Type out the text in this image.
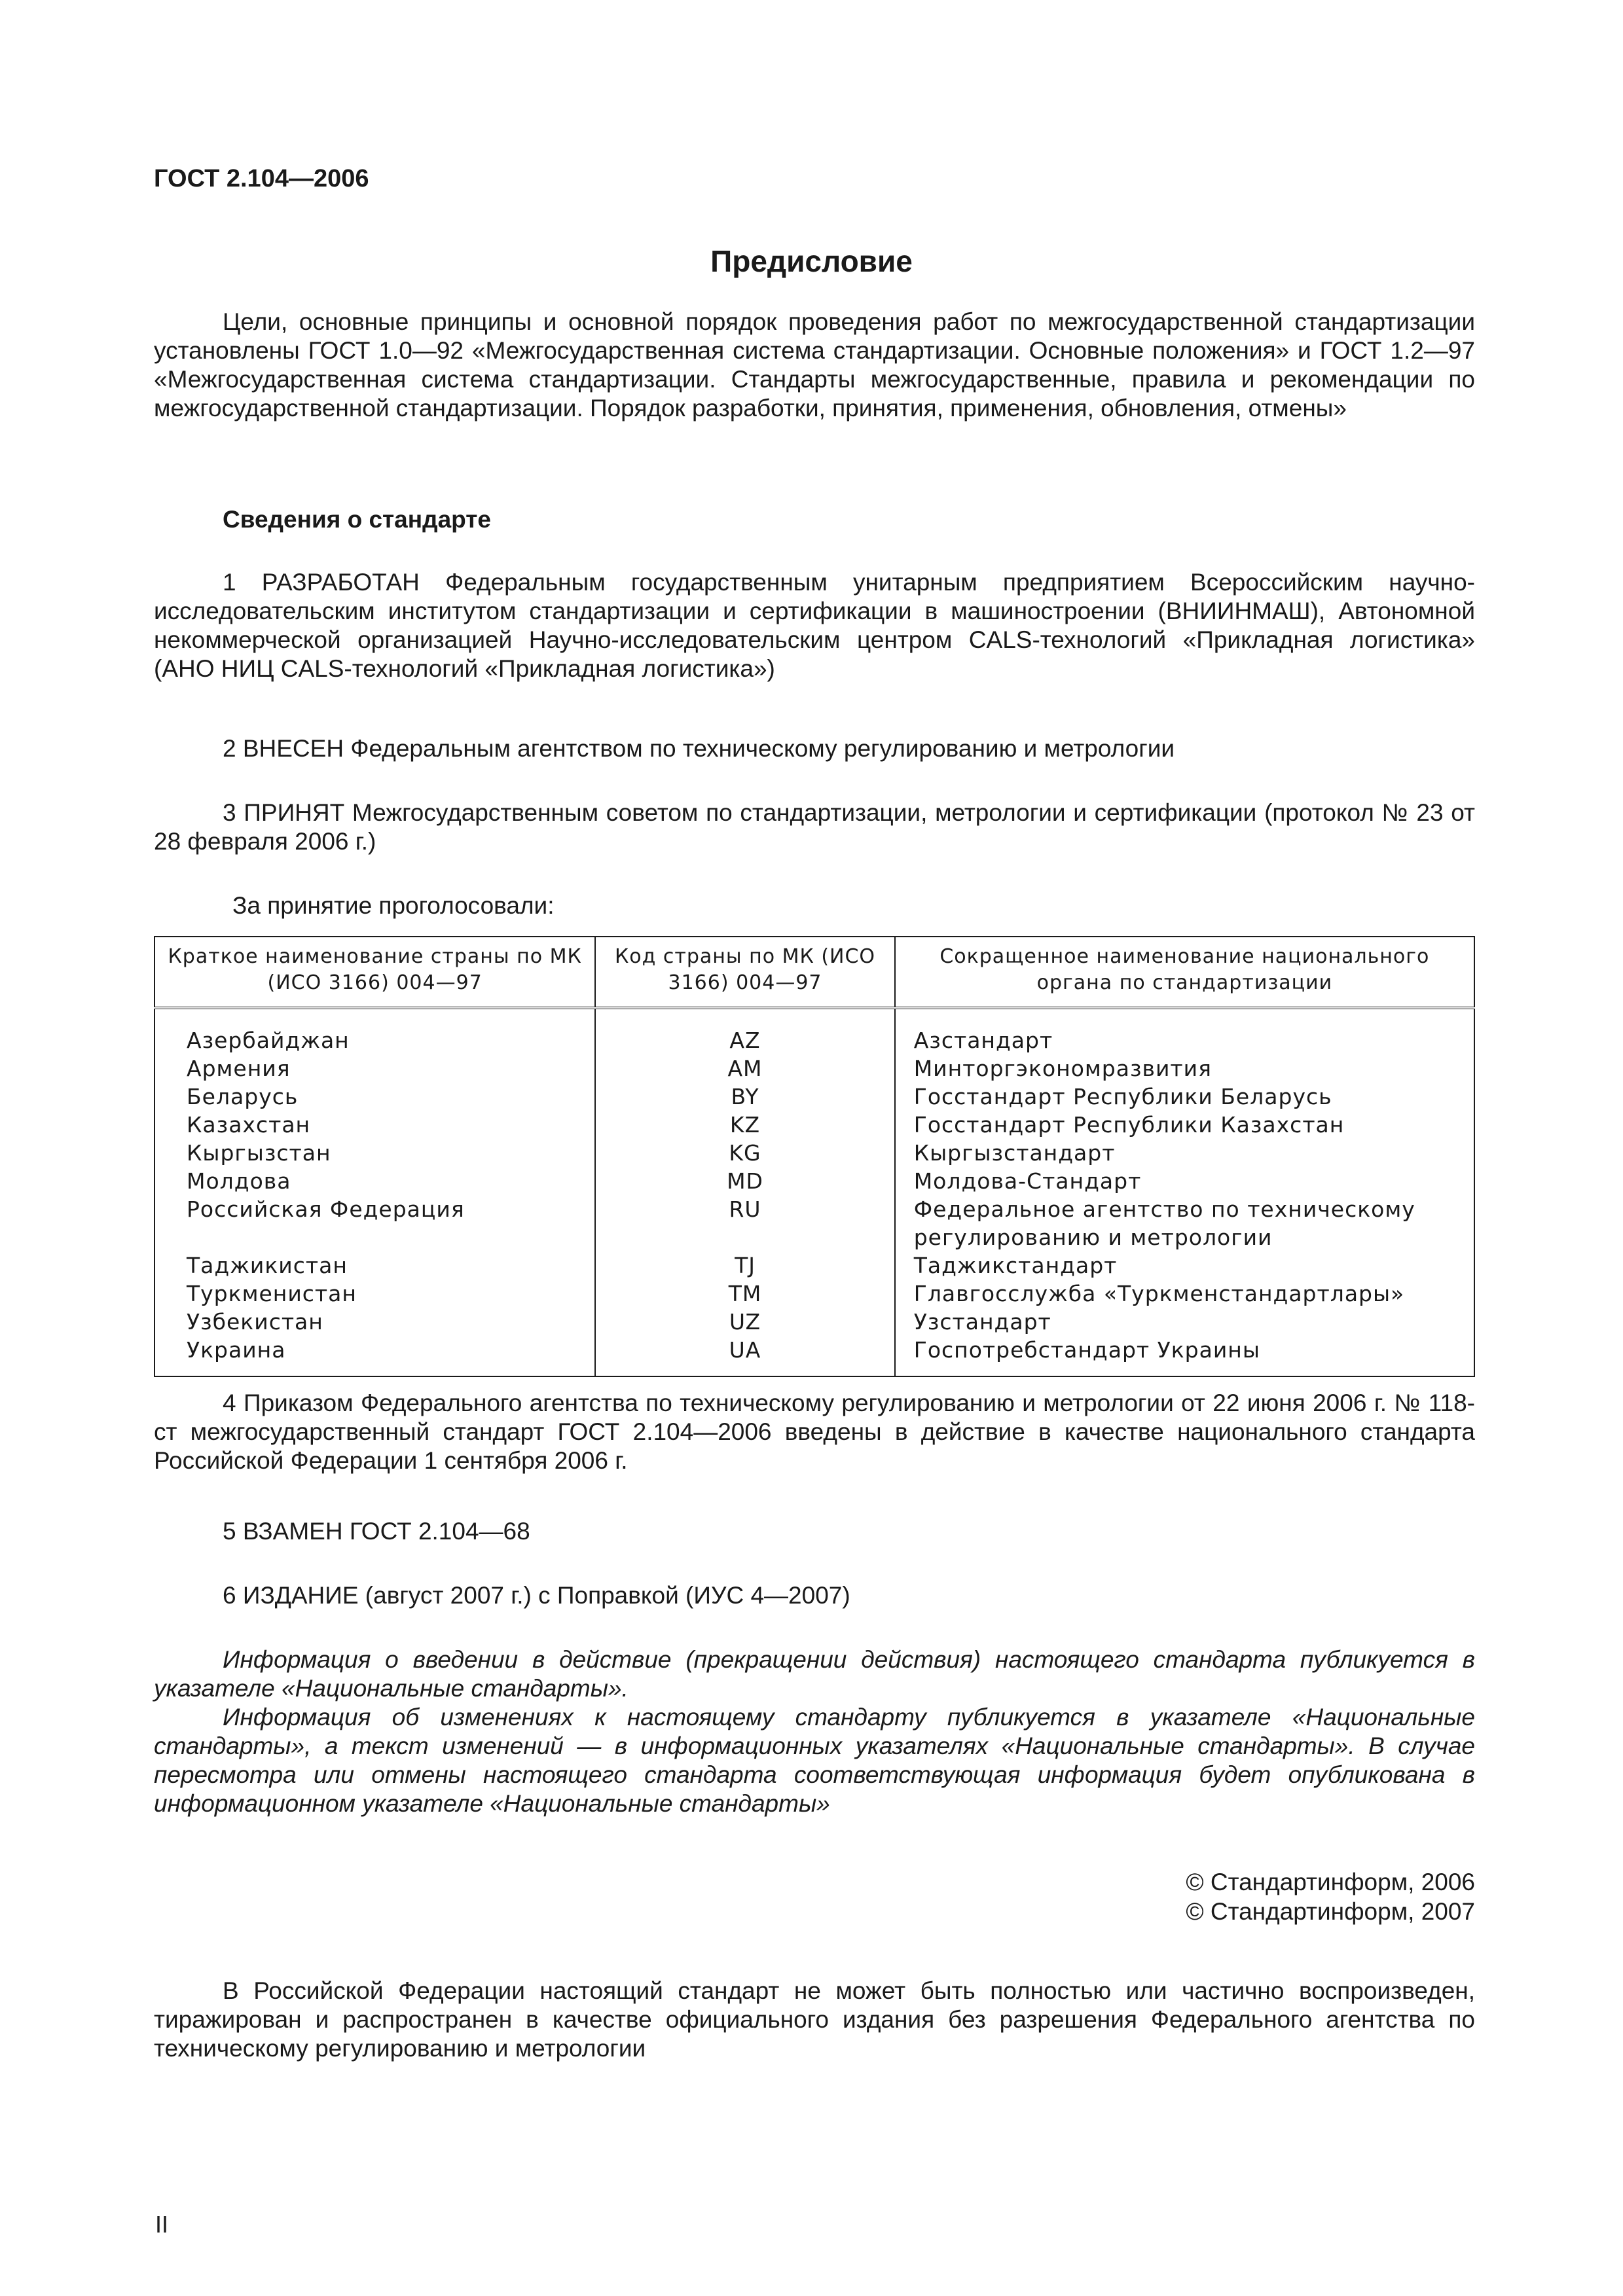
ГОСТ 2.104—2006
Предисловие

Цели, основные принципы и основной порядок проведения работ по межгосударственной стандартизации установлены ГОСТ 1.0—92 «Межгосударственная система стандартизации. Основные положения» и ГОСТ 1.2—97 «Межгосударственная система стандартизации. Стандарты межгосударственные, правила и рекомендации по межгосударственной стандартизации. Порядок разработки, принятия, применения, обновления, отмены»

Сведения о стандарте

1 РАЗРАБОТАН Федеральным государственным унитарным предприятием Всероссийским научно-исследовательским институтом стандартизации и сертификации в машиностроении (ВНИИНМАШ), Автономной некоммерческой организацией Научно-исследовательским центром CALS-технологий «Прикладная логистика» (АНО НИЦ CALS-технологий «Прикладная логистика»)

2 ВНЕСЕН Федеральным агентством по техническому регулированию и метрологии

3 ПРИНЯТ Межгосударственным советом по стандартизации, метрологии и сертификации (протокол № 23 от 28 февраля 2006 г.)

За принятие проголосовали:

Краткое наименование страны по МК (ИСО 3166) 004—97	Код страны по МК (ИСО 3166) 004—97	Сокращенное наименование национального органа по стандартизации
Азербайджан	AZ	Азстандарт
Армения	AM	Минторгэкономразвития
Беларусь	BY	Госстандарт Республики Беларусь
Казахстан	KZ	Госстандарт Республики Казахстан
Кыргызстан	KG	Кыргызстандарт
Молдова	MD	Молдова-Стандарт
Российская Федерация	RU	Федеральное агентство по техническому регулированию и метрологии
Таджикистан	TJ	Таджикстандарт
Туркменистан	TM	Главгосслужба «Туркменстандартлары»
Узбекистан	UZ	Узстандарт
Украина	UA	Госпотребстандарт Украины

4 Приказом Федерального агентства по техническому регулированию и метрологии от 22 июня 2006 г. № 118-ст межгосударственный стандарт ГОСТ 2.104—2006 введены в действие в качестве национального стандарта Российской Федерации 1 сентября 2006 г.

5 ВЗАМЕН ГОСТ 2.104—68

6 ИЗДАНИЕ (август 2007 г.) с Поправкой (ИУС 4—2007)

Информация о введении в действие (прекращении действия) настоящего стандарта публикуется в указателе «Национальные стандарты».

Информация об изменениях к настоящему стандарту публикуется в указателе «Национальные стандарты», а текст изменений — в информационных указателях «Национальные стандарты». В случае пересмотра или отмены настоящего стандарта соответствующая информация будет опубликована в информационном указателе «Национальные стандарты»

© Стандартинформ, 2006
© Стандартинформ, 2007

В Российской Федерации настоящий стандарт не может быть полностью или частично воспроизведен, тиражирован и распространен в качестве официального издания без разрешения Федерального агентства по техническому регулированию и метрологии

II
